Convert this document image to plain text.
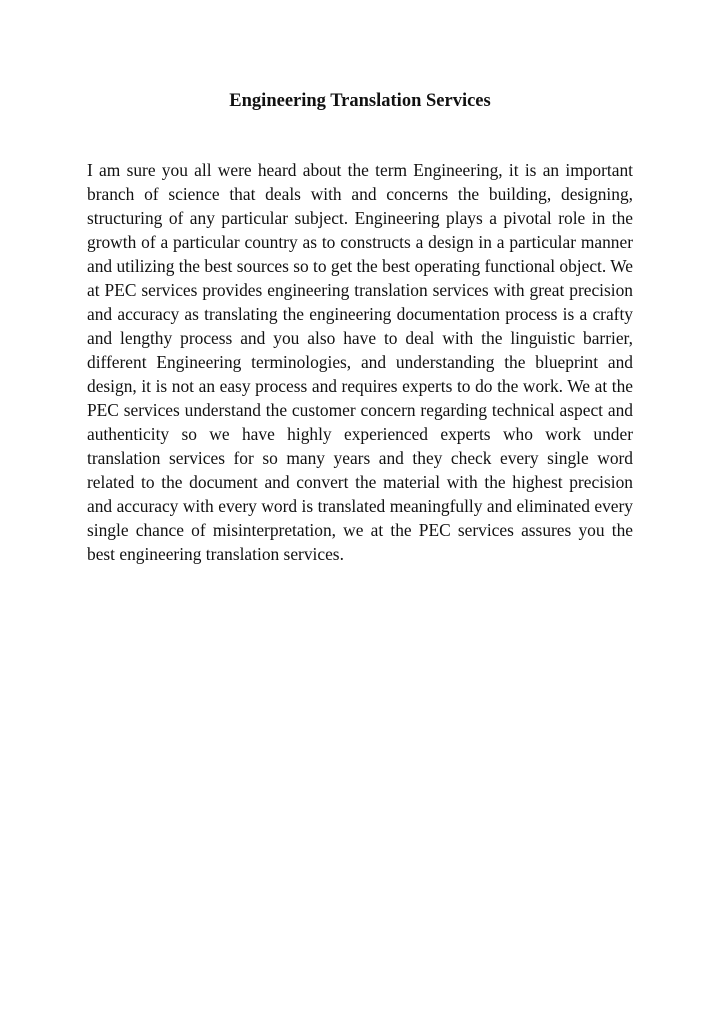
Engineering Translation Services

I am sure you all were heard about the term Engineering, it is an important branch of science that deals with and concerns the building, designing, structuring of any particular subject. Engineering plays a pivotal role in the growth of a particular country as to constructs a design in a particular manner and utilizing the best sources so to get the best operating functional object. We at PEC services provides engineering translation services with great precision and accuracy as translating the engineering documentation process is a crafty and lengthy process and you also have to deal with the linguistic barrier, different Engineering terminologies, and understanding the blueprint and design, it is not an easy process and requires experts to do the work. We at the PEC services understand the customer concern regarding technical aspect and authenticity so we have highly experienced experts who work under translation services for so many years and they check every single word related to the document and convert the material with the highest precision and accuracy with every word is translated meaningfully and eliminated every single chance of misinterpretation, we at the PEC services assures you the best engineering translation services.
